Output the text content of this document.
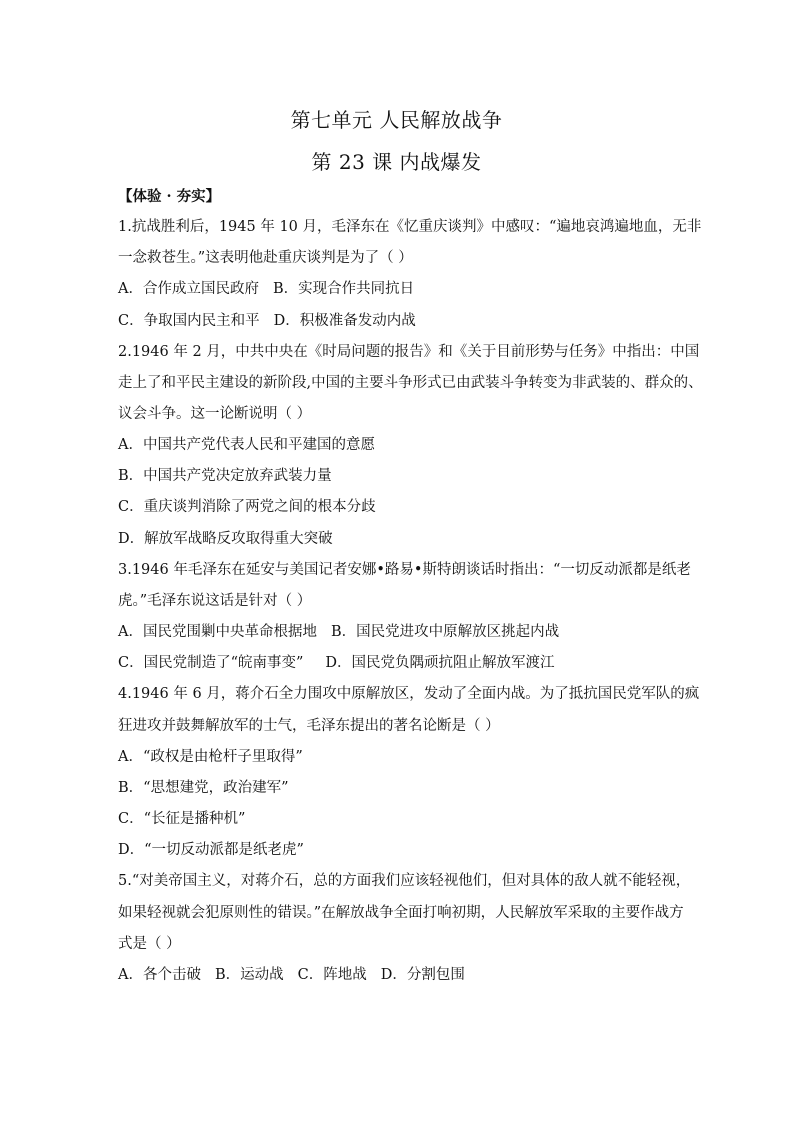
第七单元 人民解放战争
第 23 课 内战爆发
【体验 · 夯实】
1.抗战胜利后，1945 年 10 月，毛泽东在《忆重庆谈判》中感叹：“遍地哀鸿遍地血，无非
一念救苍生。”这表明他赴重庆谈判是为了（ ）
A．合作成立国民政府 B．实现合作共同抗日
C．争取国内民主和平 D．积极准备发动内战
2.1946 年 2 月，中共中央在《时局问题的报告》和《关于目前形势与任务》中指出：中国
走上了和平民主建设的新阶段,中国的主要斗争形式已由武装斗争转变为非武装的、群众的、
议会斗争。这一论断说明（ ）
A．中国共产党代表人民和平建国的意愿
B．中国共产党决定放弃武装力量
C．重庆谈判消除了两党之间的根本分歧
D．解放军战略反攻取得重大突破
3.1946 年毛泽东在延安与美国记者安娜•路易•斯特朗谈话时指出：“一切反动派都是纸老
虎。”毛泽东说这话是针对（ ）
A．国民党围剿中央革命根据地 B．国民党进攻中原解放区挑起内战
C．国民党制造了“皖南事变” D．国民党负隅顽抗阻止解放军渡江
4.1946 年 6 月，蒋介石全力围攻中原解放区，发动了全面内战。为了抵抗国民党军队的疯
狂进攻并鼓舞解放军的士气，毛泽东提出的著名论断是（ ）
A．“政权是由枪杆子里取得”
B．“思想建党，政治建军”
C．“长征是播种机”
D．“一切反动派都是纸老虎”
5.“对美帝国主义，对蒋介石，总的方面我们应该轻视他们，但对具体的敌人就不能轻视，
如果轻视就会犯原则性的错误。”在解放战争全面打响初期，人民解放军采取的主要作战方
式是（ ）
A．各个击破 B．运动战 C．阵地战 D．分割包围
